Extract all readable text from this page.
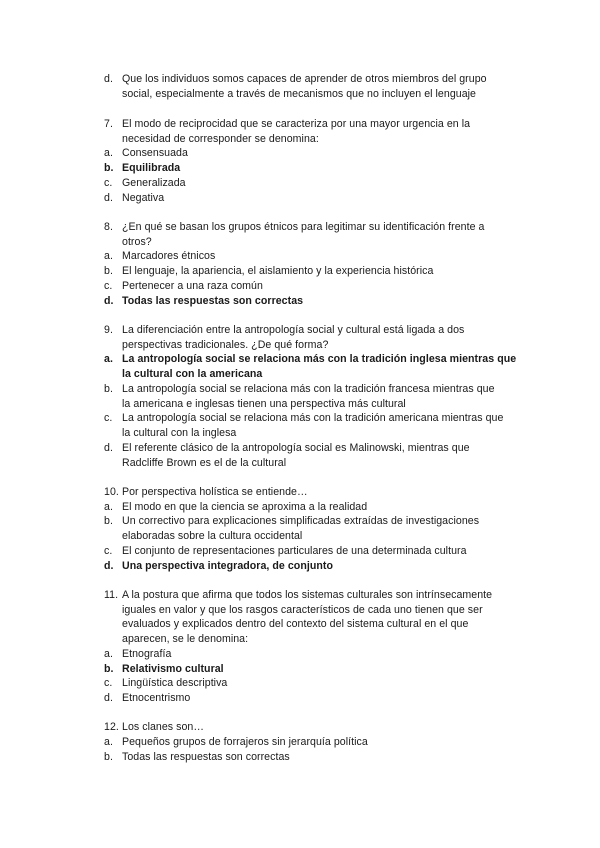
d. Que los individuos somos capaces de aprender de otros miembros del grupo
social, especialmente a través de mecanismos que no incluyen el lenguaje
7. El modo de reciprocidad que se caracteriza por una mayor urgencia en la
necesidad de corresponder se denomina:
a. Consensuada
b. Equilibrada
c. Generalizada
d. Negativa
8. ¿En qué se basan los grupos étnicos para legitimar su identificación frente a
otros?
a. Marcadores étnicos
b. El lenguaje, la apariencia, el aislamiento y la experiencia histórica
c. Pertenecer a una raza común
d. Todas las respuestas son correctas
9. La diferenciación entre la antropología social y cultural está ligada a dos
perspectivas tradicionales. ¿De qué forma?
a. La antropología social se relaciona más con la tradición inglesa mientras que
la cultural con la americana
b. La antropología social se relaciona más con la tradición francesa mientras que
la americana e inglesas tienen una perspectiva más cultural
c. La antropología social se relaciona más con la tradición americana mientras que
la cultural con la inglesa
d. El referente clásico de la antropología social es Malinowski, mientras que
Radcliffe Brown es el de la cultural
10. Por perspectiva holística se entiende…
a. El modo en que la ciencia se aproxima a la realidad
b. Un correctivo para explicaciones simplificadas extraídas de investigaciones
elaboradas sobre la cultura occidental
c. El conjunto de representaciones particulares de una determinada cultura
d. Una perspectiva integradora, de conjunto
11. A la postura que afirma que todos los sistemas culturales son intrínsecamente
iguales en valor y que los rasgos característicos de cada uno tienen que ser
evaluados y explicados dentro del contexto del sistema cultural en el que
aparecen, se le denomina:
a. Etnografía
b. Relativismo cultural
c. Lingüística descriptiva
d. Etnocentrismo
12. Los clanes son…
a. Pequeños grupos de forrajeros sin jerarquía política
b. Todas las respuestas son correctas
